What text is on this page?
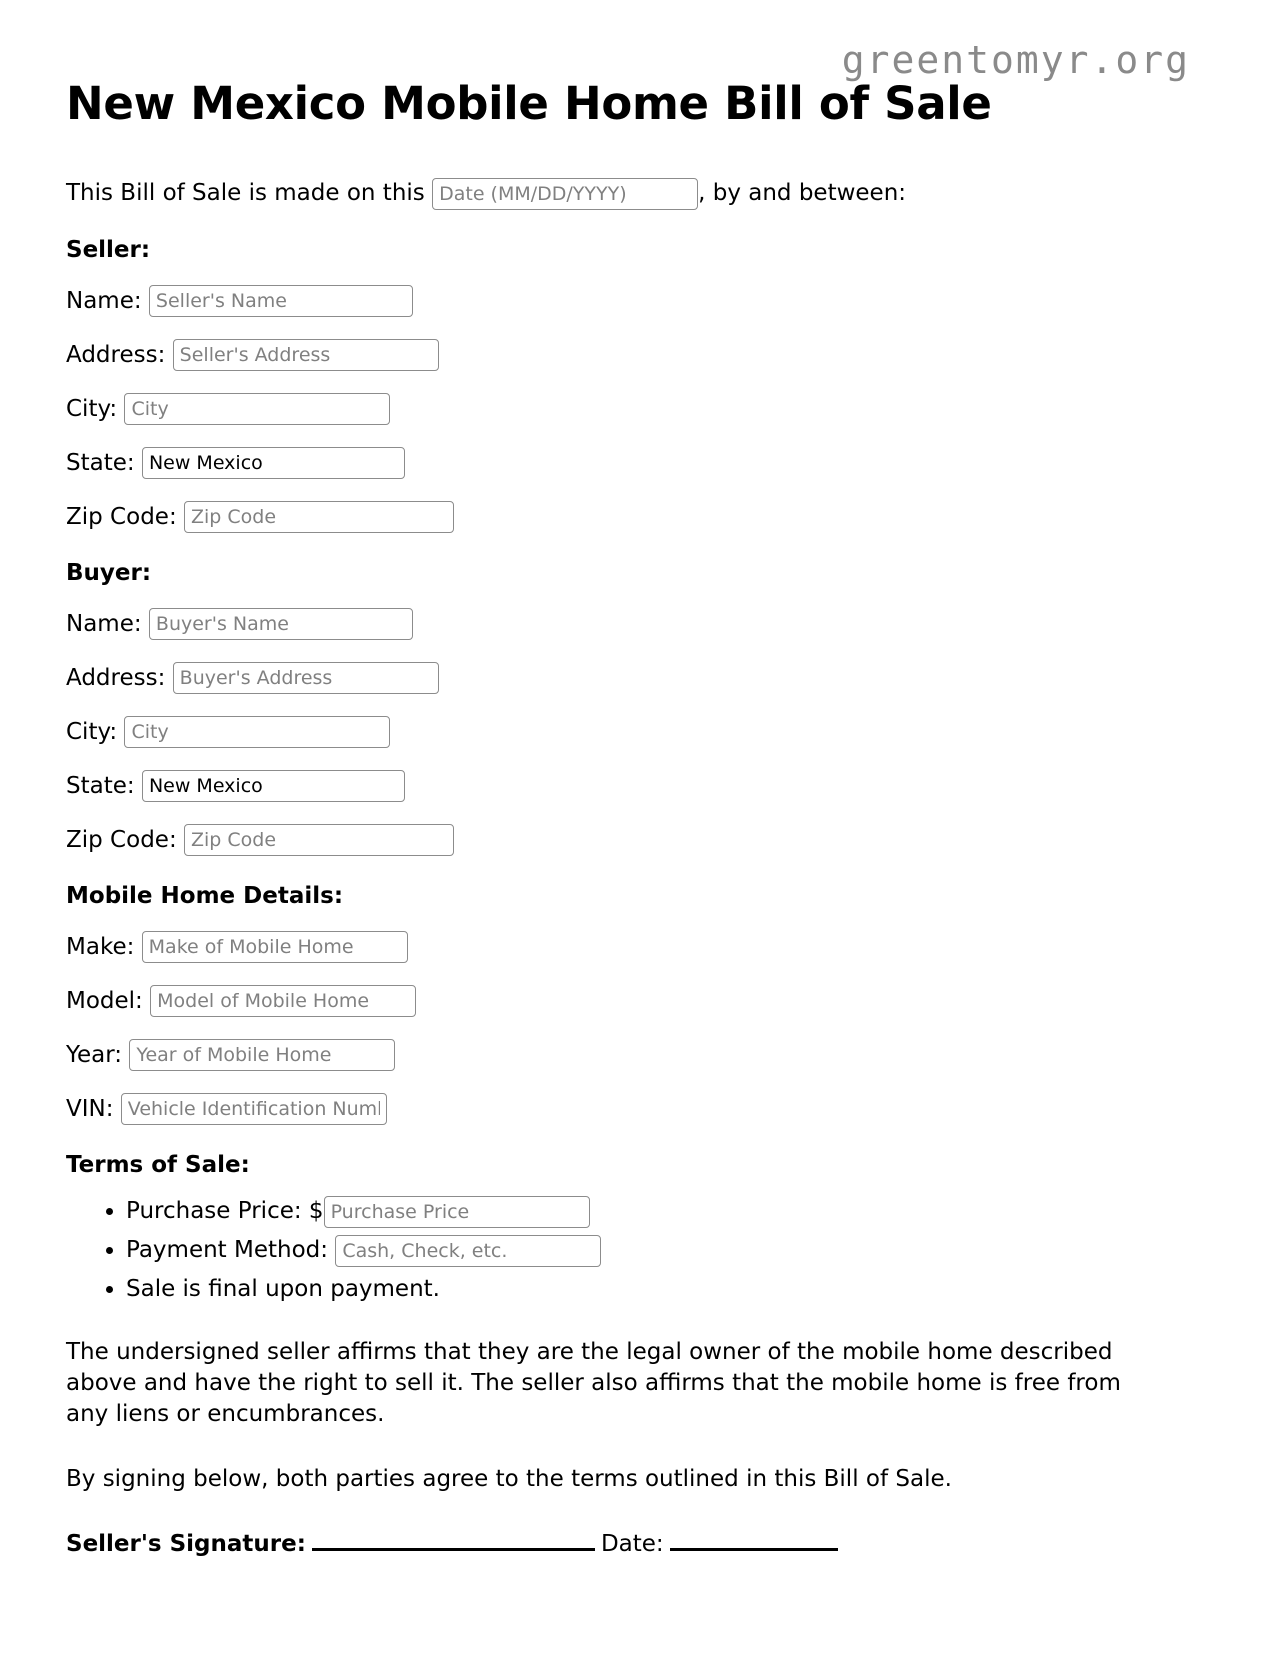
greentomyr.org
New Mexico Mobile Home Bill of Sale
This Bill of Sale is made on this
Date (MM/DD/YYYY)	, by and between:
Seller:
Name:

Seller's Name
Address:

Seller's Address
City:

City
State:

New Mexico
Zip Code:

Zip Code
Buyer:
Name:

Buyer's Name
Address:

Buyer's Address
City:

City
State:

New Mexico
Zip Code:

Zip Code
Mobile Home Details:
Make:

Make of Mobile Home
Model:

Model of Mobile Home
Year:

Year of Mobile Home
VIN:

Vehicle Identification Number
Terms of Sale:
• Purchase Price: $
Purchase Price
• Payment Method:
Cash, Check, etc.
• Sale is final upon payment.

The undersigned seller affirms that they are the legal owner of the mobile home described above and have the right to sell it. The seller also affirms that the mobile home is free from any liens or encumbrances.

By signing below, both parties agree to the terms outlined in this Bill of Sale.

Seller's Signature:	Date:
